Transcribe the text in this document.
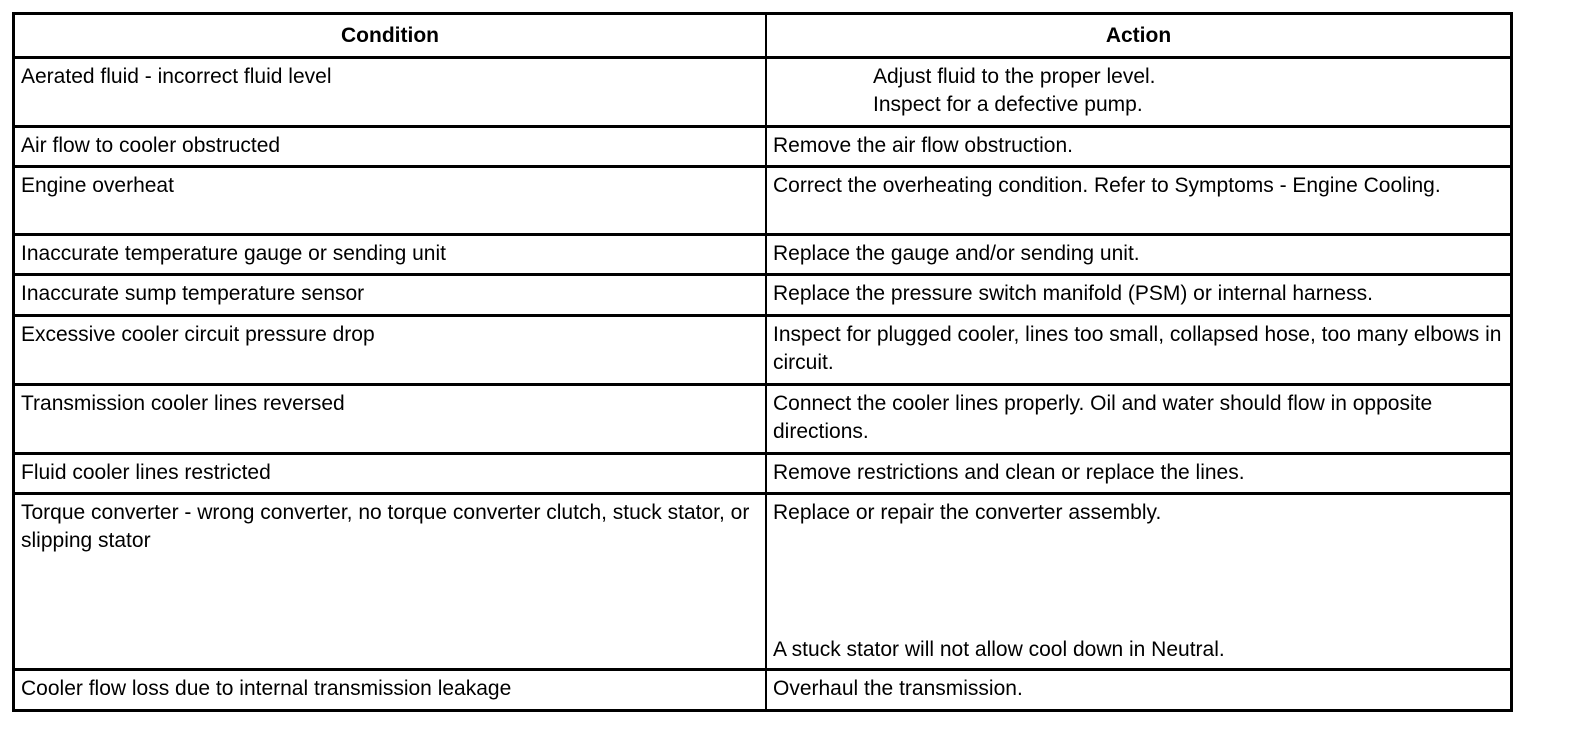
Condition	Action

Aerated fluid - incorrect fluid level	Adjust fluid to the proper level.
Inspect for a defective pump.

Air flow to cooler obstructed	Remove the air flow obstruction.

Engine overheat	Correct the overheating condition. Refer to Symptoms - Engine Cooling.

Inaccurate temperature gauge or sending unit	Replace the gauge and/or sending unit.

Inaccurate sump temperature sensor	Replace the pressure switch manifold (PSM) or internal harness.

Excessive cooler circuit pressure drop	Inspect for plugged cooler, lines too small, collapsed hose, too many elbows in circuit.

Transmission cooler lines reversed	Connect the cooler lines properly. Oil and water should flow in opposite directions.

Fluid cooler lines restricted	Remove restrictions and clean or replace the lines.

Torque converter - wrong converter, no torque converter clutch, stuck stator, or slipping stator	Replace or repair the converter assembly.
A stuck stator will not allow cool down in Neutral.

Cooler flow loss due to internal transmission leakage	Overhaul the transmission.
